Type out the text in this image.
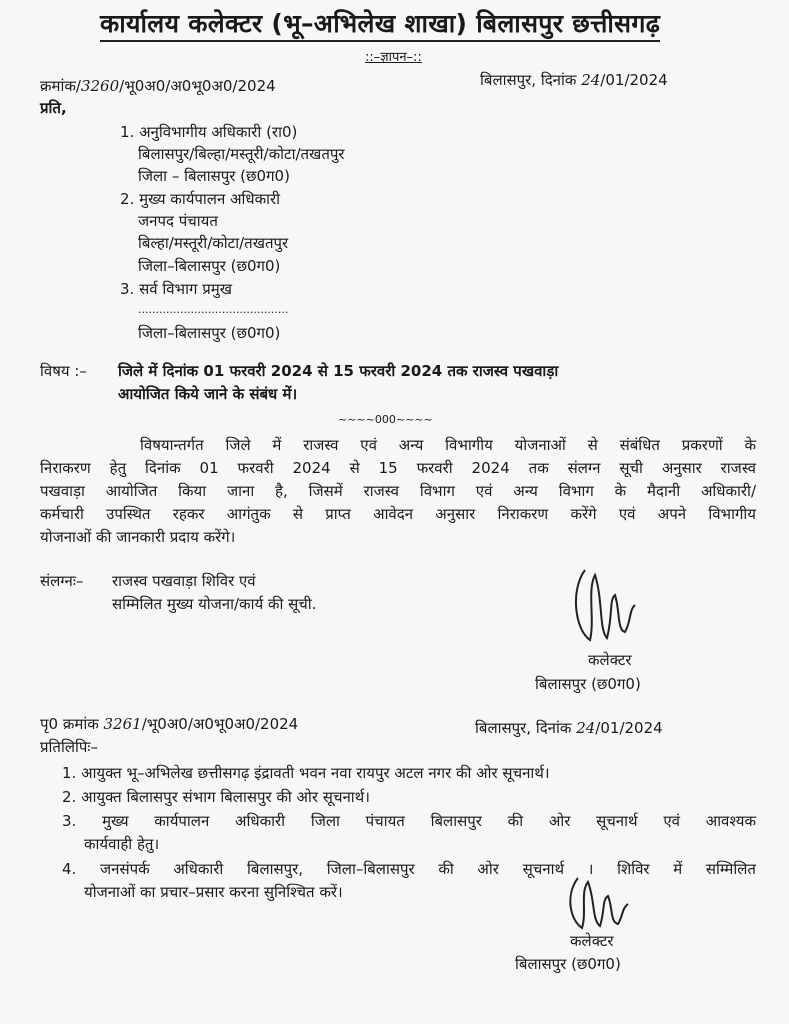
कार्यालय कलेक्टर (भू–अभिलेख शाखा) बिलासपुर छत्तीसगढ़
::–ज्ञापन–::
क्रमांक/3260/भू0अ0/अ0भू0अ0/2024	बिलासपुर, दिनांक 24/01/2024
प्रति,
1. अनुविभागीय अधिकारी (रा0)
बिलासपुर/बिल्हा/मस्तूरी/कोटा/तखतपुर
जिला – बिलासपुर (छ0ग0)
2. मुख्य कार्यपालन अधिकारी
जनपद पंचायत
बिल्हा/मस्तूरी/कोटा/तखतपुर
जिला–बिलासपुर (छ0ग0)
3. सर्व विभाग प्रमुख
...........................................
जिला–बिलासपुर (छ0ग0)
विषय :– जिले में दिनांक 01 फरवरी 2024 से 15 फरवरी 2024 तक राजस्व पखवाड़ा
आयोजित किये जाने के संबंध में।
~~~~000~~~~
विषयान्तर्गत जिले में राजस्व एवं अन्य विभागीय योजनाओं से संबंधित प्रकरणों के
निराकरण हेतु दिनांक 01 फरवरी 2024 से 15 फरवरी 2024 तक संलग्न सूची अनुसार राजस्व
पखवाड़ा आयोजित किया जाना है, जिसमें राजस्व विभाग एवं अन्य विभाग के मैदानी अधिकारी/
कर्मचारी उपस्थित रहकर आगंतुक से प्राप्त आवेदन अनुसार निराकरण करेंगे एवं अपने विभागीय
योजनाओं की जानकारी प्रदाय करेंगे।
संलग्नः– राजस्व पखवाड़ा शिविर एवं
सम्मिलित मुख्य योजना/कार्य की सूची.
कलेक्टर
बिलासपुर (छ0ग0)
पृ0 क्रमांक 3261/भू0अ0/अ0भू0अ0/2024	बिलासपुर, दिनांक 24/01/2024
प्रतिलिपिः–
1. आयुक्त भू–अभिलेख छत्तीसगढ़ इंद्रावती भवन नवा रायपुर अटल नगर की ओर सूचनार्थ।
2. आयुक्त बिलासपुर संभाग बिलासपुर की ओर सूचनार्थ।
3. मुख्य कार्यपालन अधिकारी जिला पंचायत बिलासपुर की ओर सूचनार्थ एवं आवश्यक
कार्यवाही हेतु।
4. जनसंपर्क अधिकारी बिलासपुर, जिला–बिलासपुर की ओर सूचनार्थ । शिविर में सम्मिलित
योजनाओं का प्रचार–प्रसार करना सुनिश्चित करें।
कलेक्टर
बिलासपुर (छ0ग0)
